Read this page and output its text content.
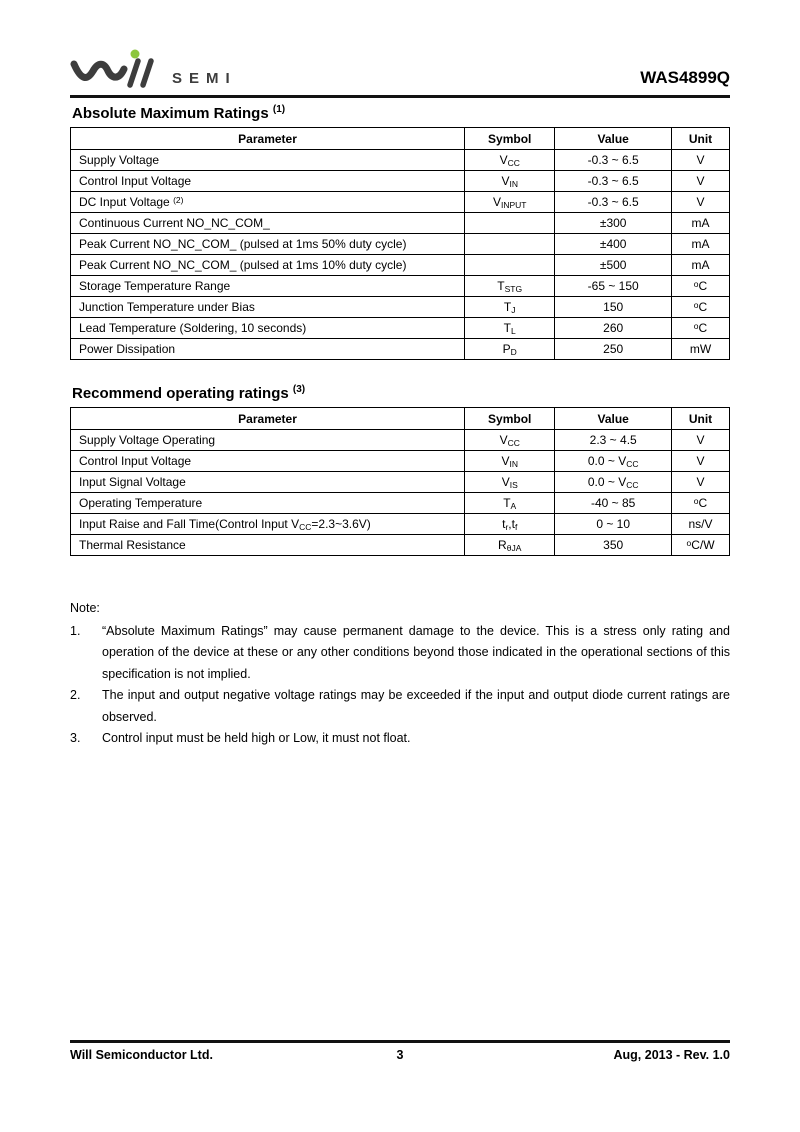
SEMI	WAS4899Q
Absolute Maximum Ratings $^{(1)}$
Parameter	Symbol	Value	Unit
Supply Voltage	$V_{CC}$	-0.3 ~ 6.5	V
Control Input Voltage	$V_{IN}$	-0.3 ~ 6.5	V
DC Input Voltage $^{(2)}$	$V_{INPUT}$	-0.3 ~ 6.5	V
Continuous Current NO_NC_COM_		±300	mA
Peak Current NO_NC_COM_ (pulsed at 1ms 50% duty cycle)		±400	mA
Peak Current NO_NC_COM_ (pulsed at 1ms 10% duty cycle)		±500	mA
Storage Temperature Range	$T_{STG}$	-65 ~ 150	$^o$C
Junction Temperature under Bias	$T_J$	150	$^o$C
Lead Temperature (Soldering, 10 seconds)	$T_L$	260	$^o$C
Power Dissipation	$P_D$	250	mW
Recommend operating ratings $^{(3)}$
Parameter	Symbol	Value	Unit
Supply Voltage Operating	$V_{CC}$	2.3 ~ 4.5	V
Control Input Voltage	$V_{IN}$	0.0 ~ $V_{CC}$	V
Input Signal Voltage	$V_{IS}$	0.0 ~ $V_{CC}$	V
Operating Temperature	$T_A$	-40 ~ 85	$^o$C
Input Raise and Fall Time(Control Input $V_{CC}=2.3\sim 3.6V$)	$t_r,t_f$	0 ~ 10	ns/V
Thermal Resistance	$R_{\theta JA}$	350	$^o$C/W
Note:
1.	“Absolute Maximum Ratings” may cause permanent damage to the device. This is a stress only rating and operation of the device at these or any other conditions beyond those indicated in the operational sections of this specification is not implied.
2.	The input and output negative voltage ratings may be exceeded if the input and output diode current ratings are observed.
3.	Control input must be held high or Low, it must not float.
Will Semiconductor Ltd.	3	Aug, 2013 - Rev. 1.0
